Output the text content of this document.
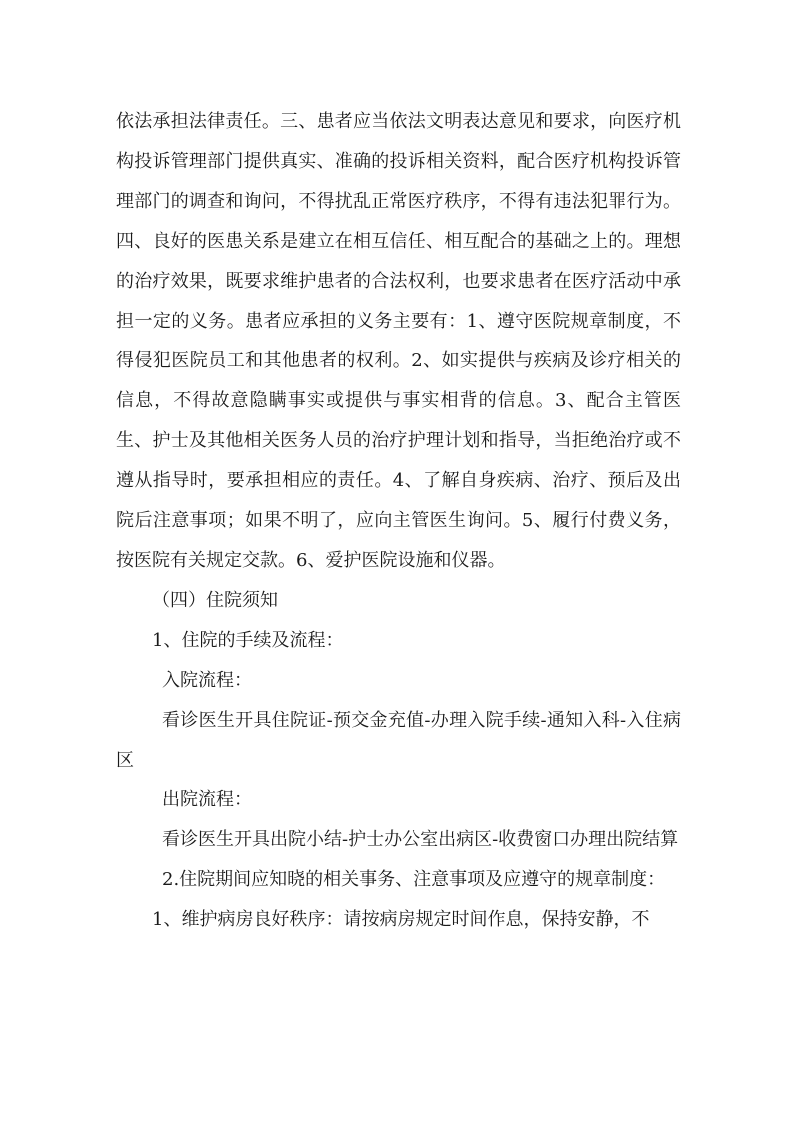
依法承担法律责任。三、患者应当依法文明表达意见和要求，向医疗机构投诉管理部门提供真实、准确的投诉相关资料，配合医疗机构投诉管理部门的调查和询问，不得扰乱正常医疗秩序，不得有违法犯罪行为。四、良好的医患关系是建立在相互信任、相互配合的基础之上的。理想的治疗效果，既要求维护患者的合法权利，也要求患者在医疗活动中承担一定的义务。患者应承担的义务主要有：1、遵守医院规章制度，不得侵犯医院员工和其他患者的权利。2、如实提供与疾病及诊疗相关的信息，不得故意隐瞒事实或提供与事实相背的信息。3、配合主管医生、护士及其他相关医务人员的治疗护理计划和指导，当拒绝治疗或不遵从指导时，要承担相应的责任。4、了解自身疾病、治疗、预后及出院后注意事项；如果不明了，应向主管医生询问。5、履行付费义务，按医院有关规定交款。6、爱护医院设施和仪器。

（四）住院须知

1、住院的手续及流程：

入院流程：

看诊医生开具住院证-预交金充值-办理入院手续-通知入科-入住病区

出院流程：

看诊医生开具出院小结-护士办公室出病区-收费窗口办理出院结算

2.住院期间应知晓的相关事务、注意事项及应遵守的规章制度：

1、维护病房良好秩序：请按病房规定时间作息，保持安静，不
